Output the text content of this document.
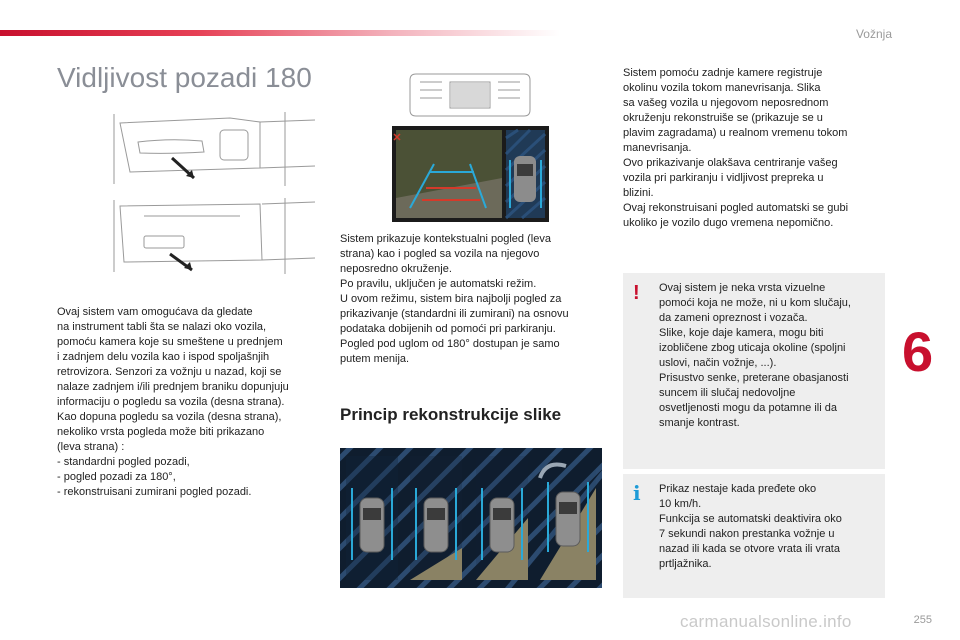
Vožnja
6
Vidljivost pozadi 180

Ovaj sistem vam omogućava da gledate
na instrument tabli šta se nalazi oko vozila,
pomoću kamera koje su smeštene u prednjem
i zadnjem delu vozila kao i ispod spoljašnjih
retrovizora. Senzori za vožnju u nazad, koji se
nalaze zadnjem i/ili prednjem braniku dopunjuju
informaciju o pogledu sa vozila (desna strana).
Kao dopuna pogledu sa vozila (desna strana),
nekoliko vrsta pogleda može biti prikazano
(leva strana) :
- standardni pogled pozadi,
- pogled pozadi za 180°,
- rekonstruisani zumirani pogled pozadi.

Sistem prikazuje kontekstualni pogled (leva
strana) kao i pogled sa vozila na njegovo
neposredno okruženje.
Po pravilu, uključen je automatski režim.
U ovom režimu, sistem bira najbolji pogled za
prikazivanje (standardni ili zumirani) na osnovu
podataka dobijenih od pomoći pri parkiranju.
Pogled pod uglom od 180° dostupan je samo
putem menija.

Princip rekonstrukcije slike

Sistem pomoću zadnje kamere registruje
okolinu vozila tokom manevrisanja. Slika
sa vašeg vozila u njegovom neposrednom
okruženju rekonstruiše se (prikazuje se u
plavim zagradama) u realnom vremenu tokom
manevrisanja.
Ovo prikazivanje olakšava centriranje vašeg
vozila pri parkiranju i vidljivost prepreka u
blizini.
Ovaj rekonstruisani pogled automatski se gubi
ukoliko je vozilo dugo vremena nepomično.

! Ovaj sistem je neka vrsta vizuelne
pomoći koja ne može, ni u kom slučaju,
da zameni opreznost i vozača.
Slike, koje daje kamera, mogu biti
izobličene zbog uticaja okoline (spoljni
uslovi, način vožnje, ...).
Prisustvo senke, preterane obasjanosti
suncem ili slučaj nedovoljne
osvetljenosti mogu da potamne ili da
smanje kontrast.

i Prikaz nestaje kada pređete oko
10 km/h.
Funkcija se automatski deaktivira oko
7 sekundi nakon prestanka vožnje u
nazad ili kada se otvore vrata ili vrata
prtljažnika.

carmanualsonline.info	255
